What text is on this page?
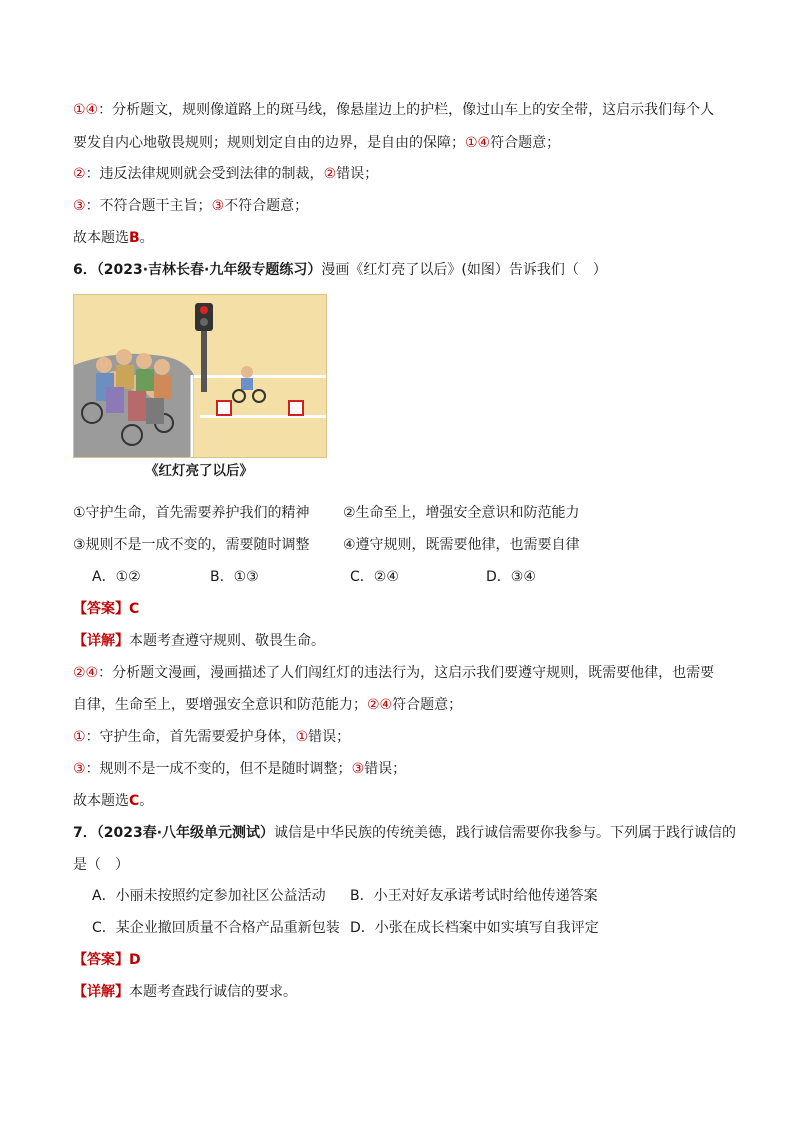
①④：分析题文，规则像道路上的斑马线，像悬崖边上的护栏，像过山车上的安全带，这启示我们每个人
要发自内心地敬畏规则；规则划定自由的边界，是自由的保障；①④符合题意；
②：违反法律规则就会受到法律的制裁，②错误；
③：不符合题干主旨；③不符合题意；
故本题选B。
6．（2023·吉林长春·九年级专题练习）漫画《红灯亮了以后》(如图）告诉我们（　）
《红灯亮了以后》
①守护生命，首先需要养护我们的精神 ②生命至上，增强安全意识和防范能力
③规则不是一成不变的，需要随时调整 ④遵守规则，既需要他律，也需要自律
A．①②	B．①③	C．②④	D．③④
【答案】C
【详解】本题考查遵守规则、敬畏生命。
②④：分析题文漫画，漫画描述了人们闯红灯的违法行为，这启示我们要遵守规则，既需要他律，也需要
自律，生命至上，要增强安全意识和防范能力；②④符合题意；
①：守护生命，首先需要爱护身体，①错误；
③：规则不是一成不变的，但不是随时调整；③错误；
故本题选C。
7．（2023春·八年级单元测试）诚信是中华民族的传统美德，践行诚信需要你我参与。下列属于践行诚信的
是（　）
A．小丽未按照约定参加社区公益活动 B．小王对好友承诺考试时给他传递答案
C．某企业撤回质量不合格产品重新包装 D．小张在成长档案中如实填写自我评定
【答案】D
【详解】本题考查践行诚信的要求。
